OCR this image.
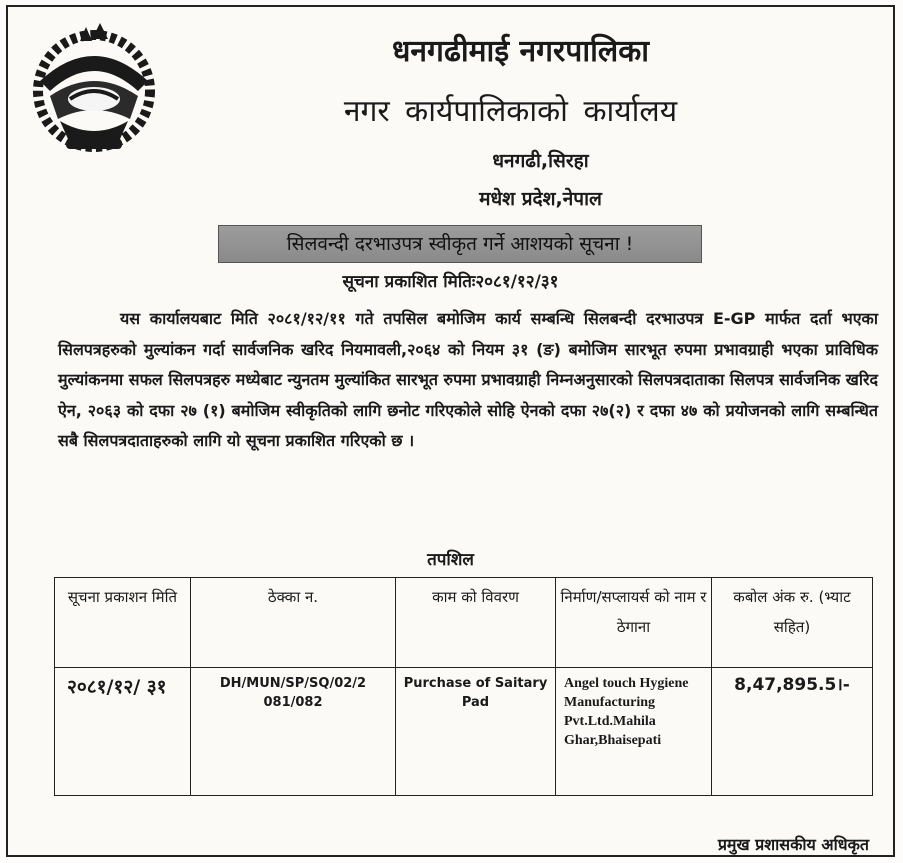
धनगढीमाई नगरपालिका
नगर कार्यपालिकाको कार्यालय
धनगढी,सिरहा
मधेश प्रदेश,नेपाल
सिलवन्दी दरभाउपत्र स्वीकृत गर्ने आशयको सूचना !
सूचना प्रकाशित मितिः२०८१/१२/३१
यस कार्यालयबाट मिति २०८१/१२/११ गते तपसिल बमोजिम कार्य सम्बन्धि सिलबन्दी दरभाउपत्र E-GP मार्फत दर्ता भएका सिलपत्रहरुको मुल्यांकन गर्दा सार्वजनिक खरिद नियमावली,२०६४ को नियम ३१ (ङ) बमोजिम सारभूत रुपमा प्रभावग्राही भएका प्राविधिक मुल्यांकनमा सफल सिलपत्रहरु मध्येबाट न्युनतम मुल्यांकित सारभूत रुपमा प्रभावग्राही निम्नअनुसारको सिलपत्रदाताका सिलपत्र सार्वजनिक खरिद ऐन, २०६३ को दफा २७ (१) बमोजिम स्वीकृतिको लागि छनोट गरिएकोले सोहि ऐनको दफा २७(२) र दफा ४७ को प्रयोजनको लागि सम्बन्धित सबै सिलपत्रदाताहरुको लागि यो सूचना प्रकाशित गरिएको छ ।
तपशिल
सूचना प्रकाशन मिति	ठेक्का न.	काम को विवरण	निर्माण/सप्लायर्स को नाम र ठेगाना	कबोल अंक रु. (भ्याट सहित)
२०८१/१२/ ३१	DH/MUN/SP/SQ/02/2 081/082	Purchase of Saitary Pad	Angel touch Hygiene Manufacturing Pvt.Ltd.Mahila Ghar,Bhaisepati	8,47,895.5।-
प्रमुख प्रशासकीय अधिकृत
